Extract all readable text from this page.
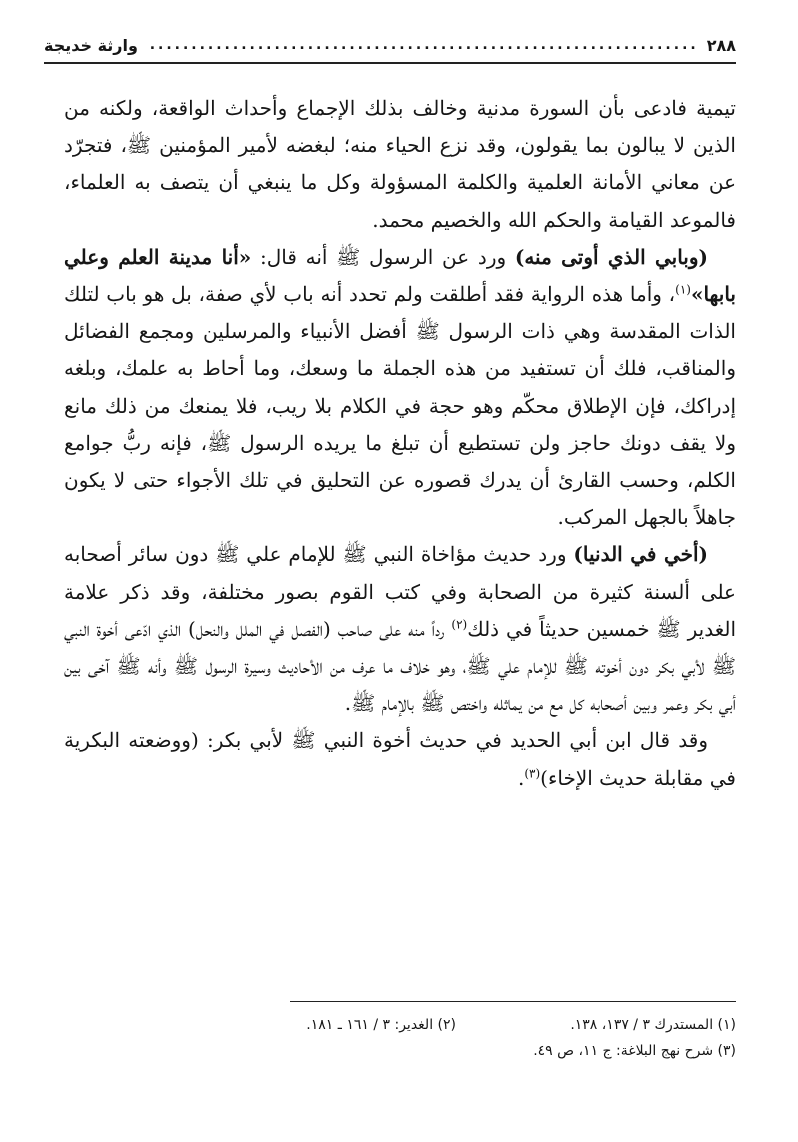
٢٨٨
.....
وارثة خديجة

تيمية فادعى بأن السورة مدنية وخالف بذلك الإجماع وأحداث الواقعة، ولكنه من الذين لا يبالون بما يقولون، وقد نزع الحياء منه؛ لبغضه لأمير المؤمنين ﷺ، فتجرّد عن معاني الأمانة العلمية والكلمة المسؤولة وكل ما ينبغي أن يتصف به العلماء، فالموعد القيامة والحكم الله والخصيم محمد.

(وبابي الذي أوتى منه) ورد عن الرسول ﷺ أنه قال: «أنا مدينة العلم وعلي بابها»$^{(١)}$، وأما هذه الرواية فقد أطلقت ولم تحدد أنه باب لأي صفة، بل هو باب لتلك الذات المقدسة وهي ذات الرسول ﷺ أفضل الأنبياء والمرسلين ومجمع الفضائل والمناقب، فلك أن تستفيد من هذه الجملة ما وسعك، وما أحاط به علمك، وبلغه إدراكك، فإن الإطلاق محكّم وهو حجة في الكلام بلا ريب، فلا يمنعك من ذلك مانع ولا يقف دونك حاجز ولن تستطيع أن تبلغ ما يريده الرسول ﷺ، فإنه ربُّ جوامع الكلم، وحسب القارئ أن يدرك قصوره عن التحليق في تلك الأجواء حتى لا يكون جاهلاً بالجهل المركب.

(أخي في الدنيا) ورد حديث مؤاخاة النبي ﷺ للإمام علي ﷺ دون سائر أصحابه على ألسنة كثيرة من الصحابة وفي كتب القوم بصور مختلفة، وقد ذكر علامة الغدير ﷺ خمسين حديثاً في ذلك$^{(٢)}$ رداً منه على صاحب (الفصل في الملل والنحل) الذي ادّعى أخوة النبي ﷺ لأبي بكر دون أخوته ﷺ للإمام علي ﷺ، وهو خلاف ما عرف من الأحاديث وسيرة الرسول ﷺ وأنه ﷺ آخى بين أبي بكر وعمر وبين أصحابه كل مع من يماثله واختص ﷺ بالإمام ﷺ.

وقد قال ابن أبي الحديد في حديث أخوة النبي ﷺ لأبي بكر: (ووضعته البكرية في مقابلة حديث الإخاء)$^{(٣)}$.

(١) المستدرك ٣ / ١٣٧، ١٣٨.
(٢) الغدير: ٣ / ١٦١ ـ ١٨١.
(٣) شرح نهج البلاغة: ج ١١، ص ٤٩.
